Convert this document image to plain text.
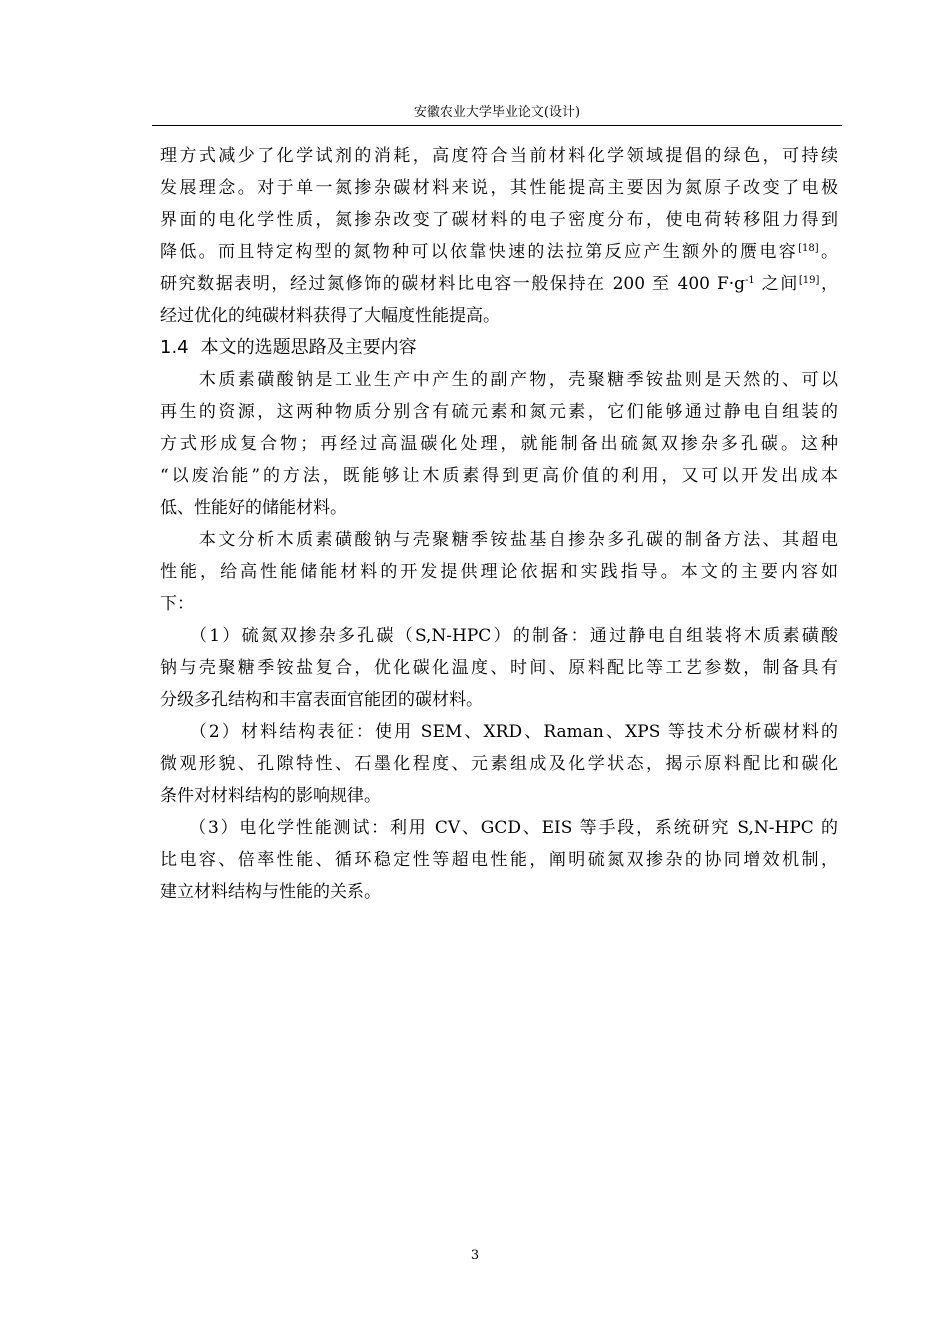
安徽农业大学毕业论文(设计)
理方式减少了化学试剂的消耗，高度符合当前材料化学领域提倡的绿色，可持续
发展理念。对于单一氮掺杂碳材料来说，其性能提高主要因为氮原子改变了电极
界面的电化学性质，氮掺杂改变了碳材料的电子密度分布，使电荷转移阻力得到
降低。而且特定构型的氮物种可以依靠快速的法拉第反应产生额外的赝电容[18]。
研究数据表明，经过氮修饰的碳材料比电容一般保持在 200 至 400 $F\cdot g^{-1}$ 之间[19]，
经过优化的纯碳材料获得了大幅度性能提高。
1.4 本文的选题思路及主要内容
　　木质素磺酸钠是工业生产中产生的副产物，壳聚糖季铵盐则是天然的、可以
再生的资源，这两种物质分别含有硫元素和氮元素，它们能够通过静电自组装的
方式形成复合物；再经过高温碳化处理，就能制备出硫氮双掺杂多孔碳。这种
“以废治能”的方法，既能够让木质素得到更高价值的利用，又可以开发出成本
低、性能好的储能材料。
　　本文分析木质素磺酸钠与壳聚糖季铵盐基自掺杂多孔碳的制备方法、其超电
性能，给高性能储能材料的开发提供理论依据和实践指导。本文的主要内容如
下：
　　（1）硫氮双掺杂多孔碳（S,N-HPC）的制备：通过静电自组装将木质素磺酸
钠与壳聚糖季铵盐复合，优化碳化温度、时间、原料配比等工艺参数，制备具有
分级多孔结构和丰富表面官能团的碳材料。
　　（2）材料结构表征：使用 SEM、XRD、Raman、XPS 等技术分析碳材料的
微观形貌、孔隙特性、石墨化程度、元素组成及化学状态，揭示原料配比和碳化
条件对材料结构的影响规律。
　　（3）电化学性能测试：利用 CV、GCD、EIS 等手段，系统研究 S,N-HPC 的
比电容、倍率性能、循环稳定性等超电性能，阐明硫氮双掺杂的协同增效机制，
建立材料结构与性能的关系。
3
